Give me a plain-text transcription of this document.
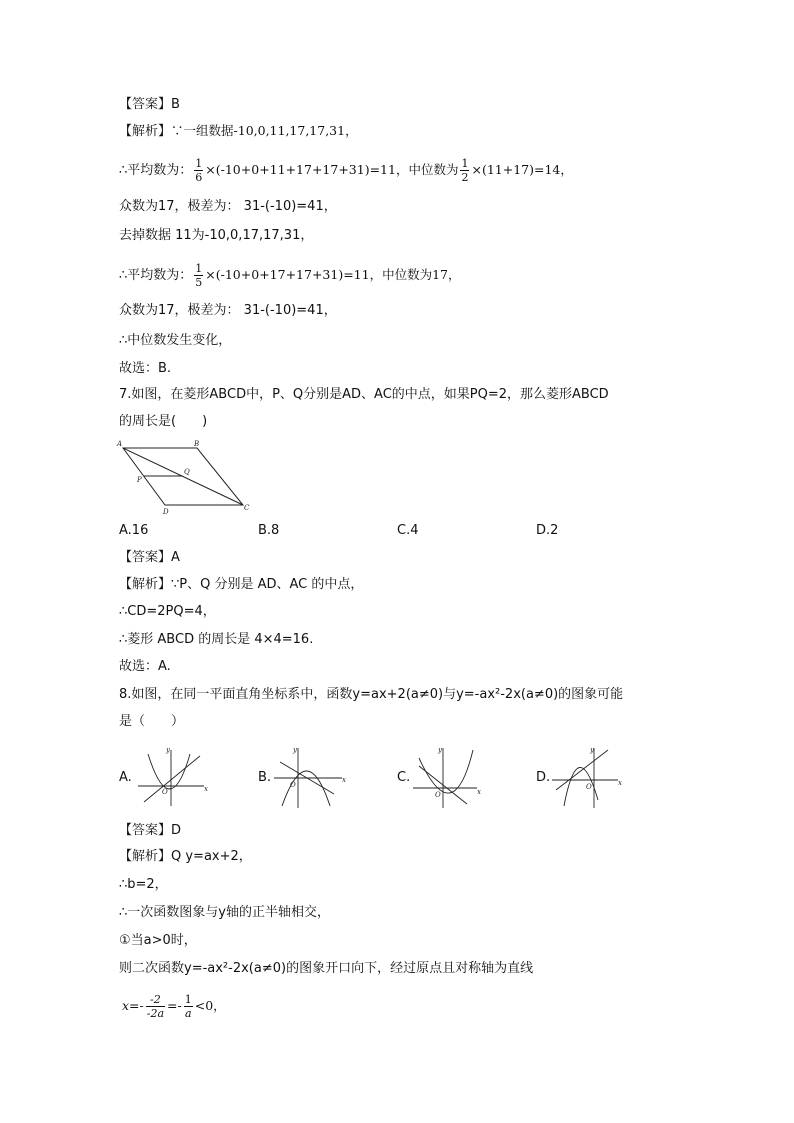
【答案】B
【解析】∵一组数据-10,0,11,17,17,31，
∴平均数为： $\frac{1}{6} \times(-10+0+11+17+17+31)=11$，中位数为 $\frac{1}{2} \times(11+17)=14$，
众数为17，极差为： 31-(-10)=41，
去掉数据 11为-10,0,17,17,31，
∴平均数为： $\frac{1}{5} \times(-10+0+17+17+31)=11$，中位数为17，
众数为17，极差为： 31-(-10)=41，
∴中位数发生变化，
故选：B.
7.如图，在菱形ABCD中，P、Q分别是AD、AC的中点，如果PQ=2，那么菱形ABCD
的周长是(　　)
A	B
C
D
P
Q
A.16	B.8	C.4	D.2
【答案】A
【解析】∵P、Q 分别是 AD、AC 的中点，
∴CD=2PQ=4，
∴菱形 ABCD 的周长是 4×4=16.
故选：A.
8.如图，在同一平面直角坐标系中，函数y=ax+2(a≠0)与y=-ax²-2x(a≠0)的图象可能
是（　　）
A.
x
y
O
B.	x
y
O	C.
x
y
O
D.	x
y
O
【答案】D
【解析】Q y=ax+2，
∴b=2，
∴一次函数图象与y轴的正半轴相交，
①当a>0时，
则二次函数y=-ax²-2x(a≠0)的图象开口向下，经过原点且对称轴为直线
$x=- \frac{-2}{-2a} =- \frac{1}{a} <0$，
